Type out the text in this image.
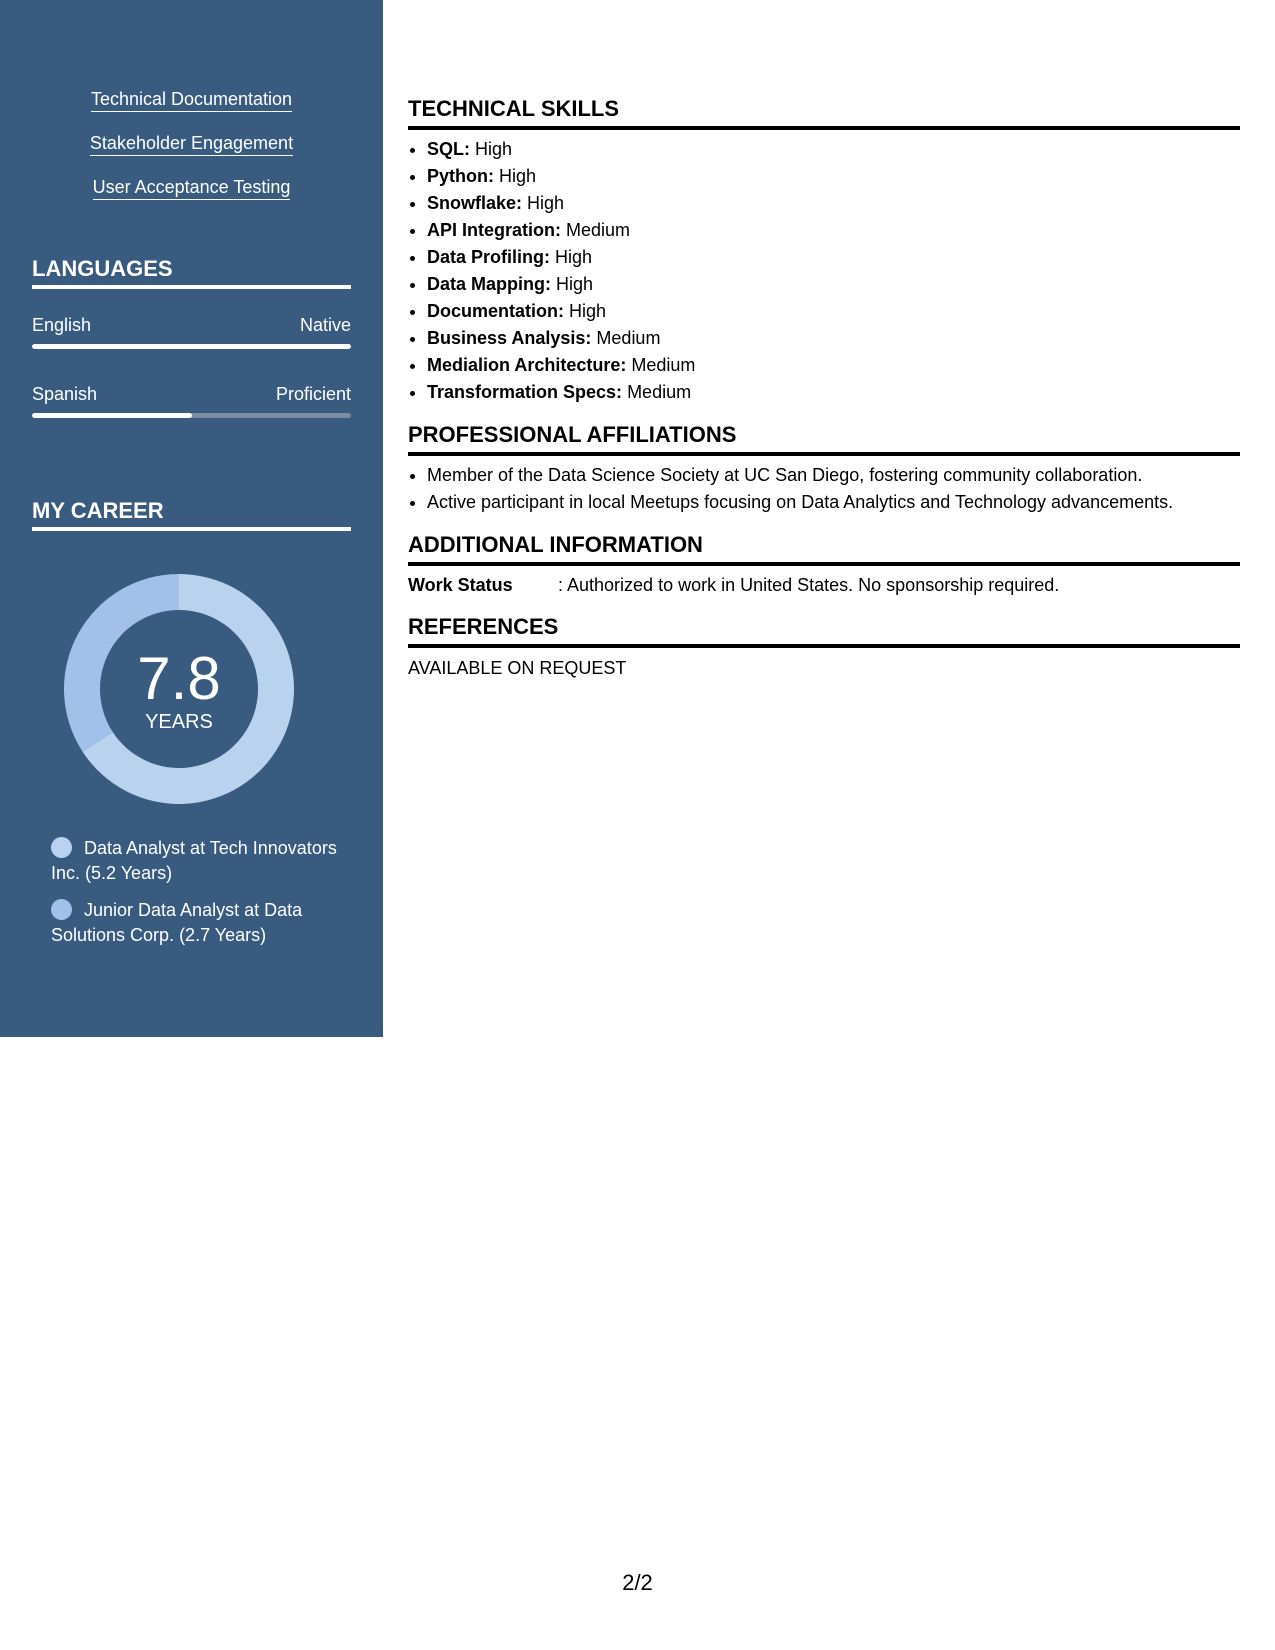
Technical Documentation
Stakeholder Engagement
User Acceptance Testing
LANGUAGES
English	Native
Spanish	Proficient
MY CAREER
7.8
YEARS
Data Analyst at Tech Innovators Inc. (5.2 Years)
Junior Data Analyst at Data Solutions Corp. (2.7 Years)
TECHNICAL SKILLS
• SQL: High
• Python: High
• Snowflake: High
• API Integration: Medium
• Data Profiling: High
• Data Mapping: High
• Documentation: High
• Business Analysis: Medium
• Medialion Architecture: Medium
• Transformation Specs: Medium
PROFESSIONAL AFFILIATIONS
• Member of the Data Science Society at UC San Diego, fostering community collaboration.
• Active participant in local Meetups focusing on Data Analytics and Technology advancements.
ADDITIONAL INFORMATION
Work Status	: Authorized to work in United States. No sponsorship required.
REFERENCES
AVAILABLE ON REQUEST
2/2
